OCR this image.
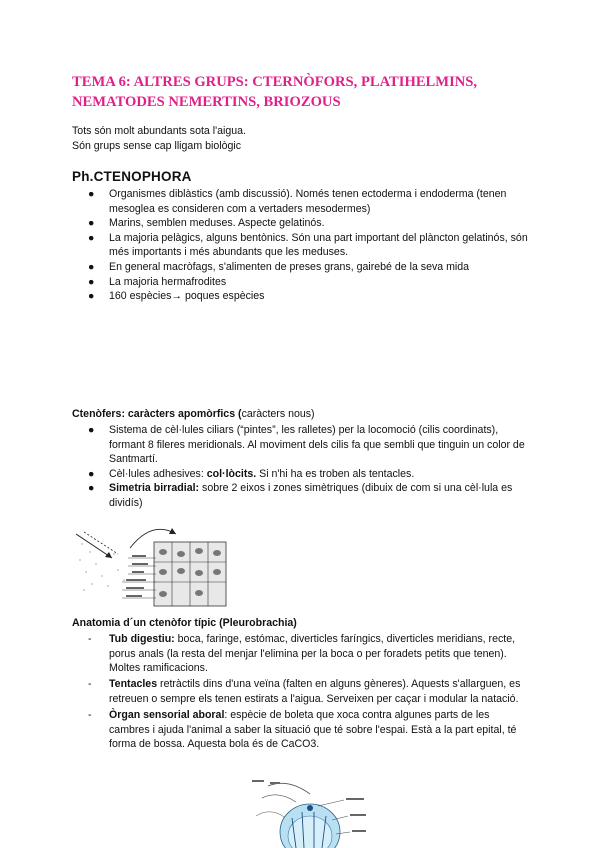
TEMA 6: ALTRES GRUPS: CTERNÒFORS, PLATIHELMINS, NEMATODES NEMERTINS, BRIOZOUS
Tots són molt abundants sota l'aigua.
Són grups sense cap lligam biològic
Ph.CTENOPHORA
● Organismes diblàstics (amb discussió). Només tenen ectoderma i endoderma (tenen mesoglea es consideren com a vertaders mesodermes)
● Marins, semblen meduses. Aspecte gelatinós.
● La majoria pelàgics, alguns bentònics. Són una part important del plàncton gelatinós, són més importants i més abundants que les meduses.
● En general macròfags, s'alimenten de preses grans, gairebé de la seva mida
● La majoria hermafrodites
● 160 espècies→ poques espècies
Ctenòfers: caràcters apomòrfics (caràcters nous)
● Sistema de cèl·lules ciliars (“pintes”, les ralletes) per la locomoció (cilis coordinats), formant 8 fileres meridionals. Al moviment dels cilis fa que sembli que tinguin un color de Santmartí.
● Cèl·lules adhesives: col·lòcits. Si n'hi ha es troben als tentacles.
● Simetria birradial: sobre 2 eixos i zones simètriques (dibuix de com si una cèl·lula es dividís)
Anatomia d´un ctenòfor típic (Pleurobrachia)
- Tub digestiu: boca, faringe, estómac, diverticles faríngics, diverticles meridians, recte, porus anals (la resta del menjar l'elimina per la boca o per foradets petits que tenen). Moltes ramificacions.
- Tentacles retràctils dins d'una veïna (falten en alguns gèneres). Aquests s'allarguen, es retreuen o sempre els tenen estirats a l'aigua. Serveixen per caçar i modular la natació.
- Òrgan sensorial aboral: espècie de boleta que xoca contra algunes parts de les cambres i ajuda l'animal a saber la situació que té sobre l'espai. Està a la part epital, té forma de bossa. Aquesta bola és de CaCO3.
